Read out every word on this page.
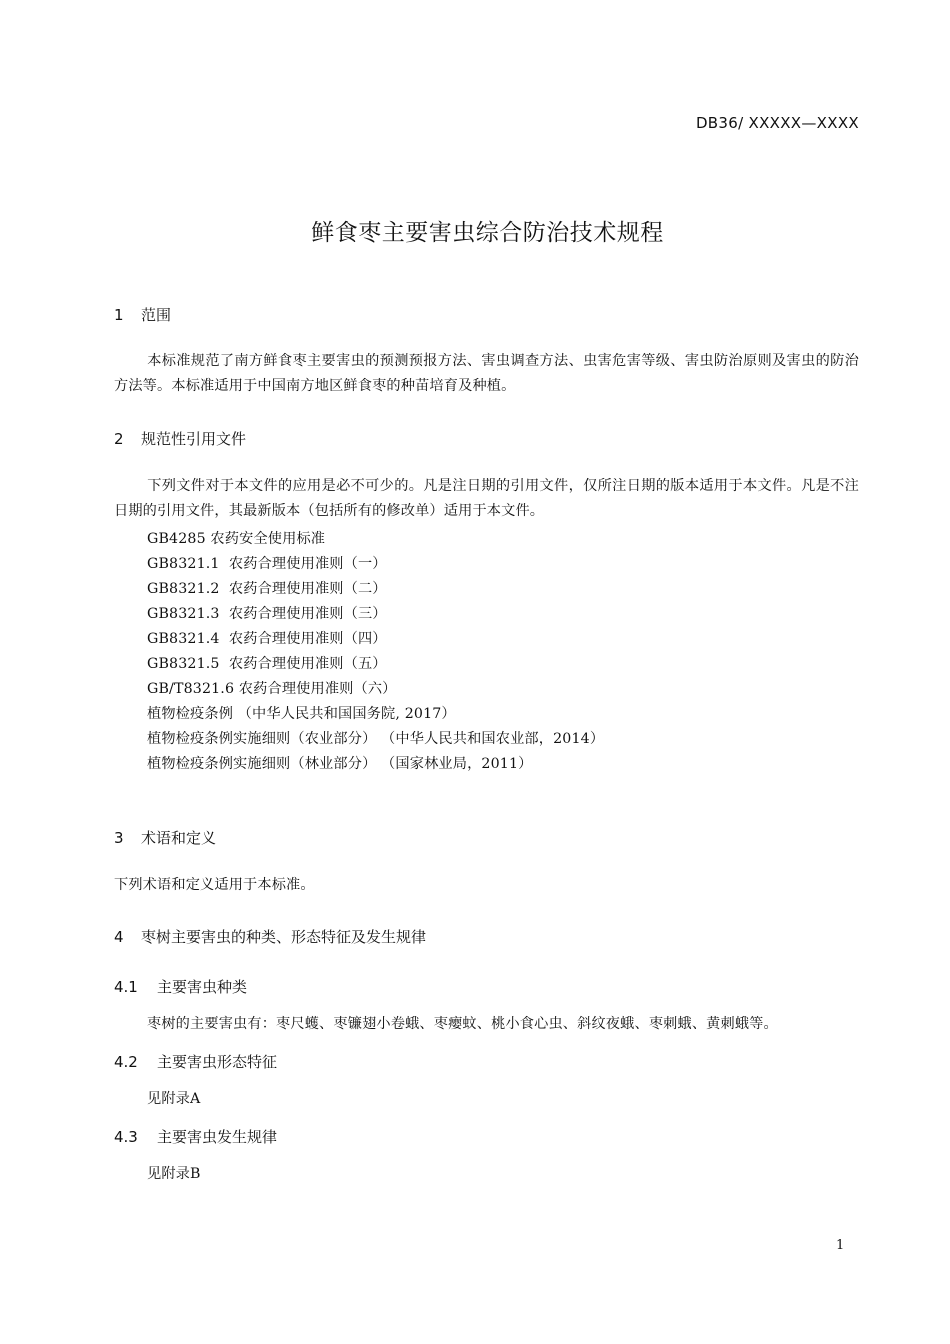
DB36/ XXXXX—XXXX
鲜食枣主要害虫综合防治技术规程
1 范围
本标准规范了南方鲜食枣主要害虫的预测预报方法、害虫调查方法、虫害危害等级、害虫防治原则及害虫的防治方法等。本标准适用于中国南方地区鲜食枣的种苗培育及种植。
2 规范性引用文件
下列文件对于本文件的应用是必不可少的。凡是注日期的引用文件，仅所注日期的版本适用于本文件。凡是不注日期的引用文件，其最新版本（包括所有的修改单）适用于本文件。
GB4285 农药安全使用标准
GB8321.1  农药合理使用准则（一）
GB8321.2  农药合理使用准则（二）
GB8321.3  农药合理使用准则（三）
GB8321.4  农药合理使用准则（四）
GB8321.5  农药合理使用准则（五）
GB/T8321.6 农药合理使用准则（六）
植物检疫条例 （中华人民共和国国务院, 2017）
植物检疫条例实施细则（农业部分） （中华人民共和国农业部，2014）
植物检疫条例实施细则（林业部分） （国家林业局，2011）
3 术语和定义
下列术语和定义适用于本标准。
4 枣树主要害虫的种类、形态特征及发生规律
4.1 主要害虫种类
枣树的主要害虫有：枣尺蠖、枣镰翅小卷蛾、枣瘿蚊、桃小食心虫、斜纹夜蛾、枣刺蛾、黄刺蛾等。
4.2 主要害虫形态特征
见附录A
4.3 主要害虫发生规律
见附录B
1
